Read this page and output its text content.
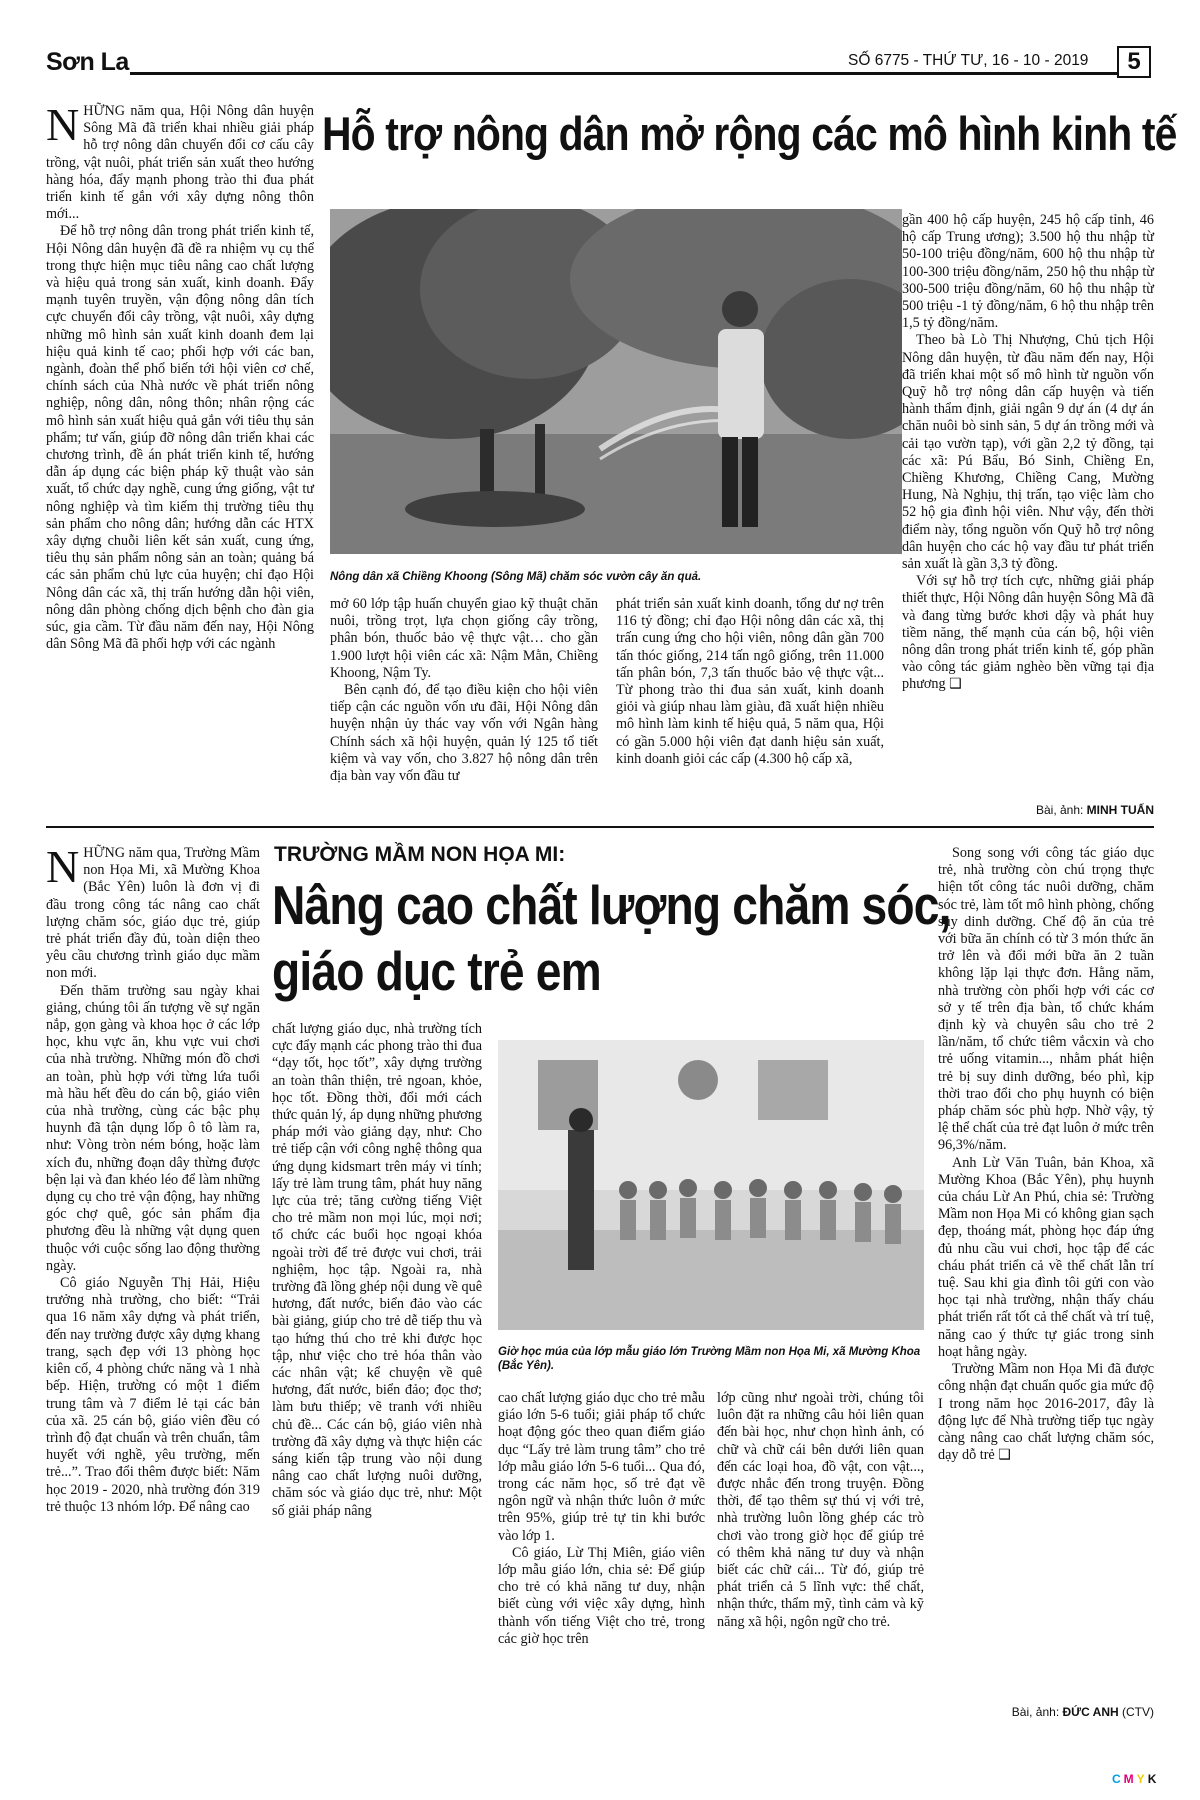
Sơn La	SỐ 6775 - THỨ TƯ, 16 - 10 - 2019	5
Hỗ trợ nông dân mở rộng các mô hình kinh tế

NHỮNG năm qua, Hội Nông dân huyện Sông Mã đã triển khai nhiều giải pháp hỗ trợ nông dân chuyển đổi cơ cấu cây trồng, vật nuôi, phát triển sản xuất theo hướng hàng hóa, đẩy mạnh phong trào thi đua phát triển kinh tế gắn với xây dựng nông thôn mới...

Để hỗ trợ nông dân trong phát triển kinh tế, Hội Nông dân huyện đã đề ra nhiệm vụ cụ thể trong thực hiện mục tiêu nâng cao chất lượng và hiệu quả trong sản xuất, kinh doanh. Đẩy mạnh tuyên truyền, vận động nông dân tích cực chuyển đổi cây trồng, vật nuôi, xây dựng những mô hình sản xuất kinh doanh đem lại hiệu quả kinh tế cao; phối hợp với các ban, ngành, đoàn thể phổ biến tới hội viên cơ chế, chính sách của Nhà nước về phát triển nông nghiệp, nông dân, nông thôn; nhân rộng các mô hình sản xuất hiệu quả gắn với tiêu thụ sản phẩm; tư vấn, giúp đỡ nông dân triển khai các chương trình, đề án phát triển kinh tế, hướng dẫn áp dụng các biện pháp kỹ thuật vào sản xuất, tổ chức dạy nghề, cung ứng giống, vật tư nông nghiệp và tìm kiếm thị trường tiêu thụ sản phẩm cho nông dân; hướng dẫn các HTX xây dựng chuỗi liên kết sản xuất, cung ứng, tiêu thụ sản phẩm nông sản an toàn; quảng bá các sản phẩm chủ lực của huyện; chỉ đạo Hội Nông dân các xã, thị trấn hướng dẫn hội viên, nông dân phòng chống dịch bệnh cho đàn gia súc, gia cầm. Từ đầu năm đến nay, Hội Nông dân Sông Mã đã phối hợp với các ngành

Nông dân xã Chiềng Khoong (Sông Mã) chăm sóc vườn cây ăn quả.

mở 60 lớp tập huấn chuyển giao kỹ thuật chăn nuôi, trồng trọt, lựa chọn giống cây trồng, phân bón, thuốc bảo vệ thực vật… cho gần 1.900 lượt hội viên các xã: Nậm Mằn, Chiềng Khoong, Nậm Ty.

Bên cạnh đó, để tạo điều kiện cho hội viên tiếp cận các nguồn vốn ưu đãi, Hội Nông dân huyện nhận ủy thác vay vốn với Ngân hàng Chính sách xã hội huyện, quản lý 125 tổ tiết kiệm và vay vốn, cho 3.827 hộ nông dân trên địa bàn vay vốn đầu tư

phát triển sản xuất kinh doanh, tổng dư nợ trên 116 tỷ đồng; chỉ đạo Hội nông dân các xã, thị trấn cung ứng cho hội viên, nông dân gần 700 tấn thóc giống, 214 tấn ngô giống, trên 11.000 tấn phân bón, 7,3 tấn thuốc bảo vệ thực vật... Từ phong trào thi đua sản xuất, kinh doanh giỏi và giúp nhau làm giàu, đã xuất hiện nhiều mô hình làm kinh tế hiệu quả, 5 năm qua, Hội có gần 5.000 hội viên đạt danh hiệu sản xuất, kinh doanh giỏi các cấp (4.300 hộ cấp xã,

gần 400 hộ cấp huyện, 245 hộ cấp tỉnh, 46 hộ cấp Trung ương); 3.500 hộ thu nhập từ 50-100 triệu đồng/năm, 600 hộ thu nhập từ 100-300 triệu đồng/năm, 250 hộ thu nhập từ 300-500 triệu đồng/năm, 60 hộ thu nhập từ 500 triệu -1 tỷ đồng/năm, 6 hộ thu nhập trên 1,5 tỷ đồng/năm.

Theo bà Lò Thị Nhượng, Chủ tịch Hội Nông dân huyện, từ đầu năm đến nay, Hội đã triển khai một số mô hình từ nguồn vốn Quỹ hỗ trợ nông dân cấp huyện và tiến hành thẩm định, giải ngân 9 dự án (4 dự án chăn nuôi bò sinh sản, 5 dự án trồng mới và cải tạo vườn tạp), với gần 2,2 tỷ đồng, tại các xã: Pú Bẩu, Bó Sinh, Chiềng En, Chiềng Khương, Chiềng Cang, Mường Hung, Nà Nghịu, thị trấn, tạo việc làm cho 52 hộ gia đình hội viên. Như vậy, đến thời điểm này, tổng nguồn vốn Quỹ hỗ trợ nông dân huyện cho các hộ vay đầu tư phát triển sản xuất là gần 3,3 tỷ đồng.

Với sự hỗ trợ tích cực, những giải pháp thiết thực, Hội Nông dân huyện Sông Mã đã và đang từng bước khơi dậy và phát huy tiềm năng, thế mạnh của cán bộ, hội viên nông dân trong phát triển kinh tế, góp phần vào công tác giảm nghèo bền vững tại địa phương ❑

Bài, ảnh: MINH TUẤN
TRƯỜNG MẦM NON HỌA MI:
Nâng cao chất lượng chăm sóc,
giáo dục trẻ em

NHỮNG năm qua, Trường Mầm non Họa Mi, xã Mường Khoa (Bắc Yên) luôn là đơn vị đi đầu trong công tác nâng cao chất lượng chăm sóc, giáo dục trẻ, giúp trẻ phát triển đầy đủ, toàn diện theo yêu cầu chương trình giáo dục mầm non mới.

Đến thăm trường sau ngày khai giảng, chúng tôi ấn tượng về sự ngăn nắp, gọn gàng và khoa học ở các lớp học, khu vực ăn, khu vực vui chơi của nhà trường. Những món đồ chơi an toàn, phù hợp với từng lứa tuổi mà hầu hết đều do cán bộ, giáo viên của nhà trường, cùng các bậc phụ huynh đã tận dụng lốp ô tô làm ra, như: Vòng tròn ném bóng, hoặc làm xích đu, những đoạn dây thừng được bện lại và đan khéo léo để làm những dụng cụ cho trẻ vận động, hay những góc chợ quê, góc sản phẩm địa phương đều là những vật dụng quen thuộc với cuộc sống lao động thường ngày.

Cô giáo Nguyễn Thị Hải, Hiệu trưởng nhà trường, cho biết: “Trải qua 16 năm xây dựng và phát triển, đến nay trường được xây dựng khang trang, sạch đẹp với 13 phòng học kiên cố, 4 phòng chức năng và 1 nhà bếp. Hiện, trường có một 1 điểm trung tâm và 7 điểm lẻ tại các bản của xã. 25 cán bộ, giáo viên đều có trình độ đạt chuẩn và trên chuẩn, tâm huyết với nghề, yêu trường, mến trẻ...”. Trao đổi thêm được biết: Năm học 2019 - 2020, nhà trường đón 319 trẻ thuộc 13 nhóm lớp. Để nâng cao

chất lượng giáo dục, nhà trường tích cực đẩy mạnh các phong trào thi đua “dạy tốt, học tốt”, xây dựng trường an toàn thân thiện, trẻ ngoan, khỏe, học tốt. Đồng thời, đổi mới cách thức quản lý, áp dụng những phương pháp mới vào giảng dạy, như: Cho trẻ tiếp cận với công nghệ thông qua ứng dụng kidsmart trên máy vi tính; lấy trẻ làm trung tâm, phát huy năng lực của trẻ; tăng cường tiếng Việt cho trẻ mầm non mọi lúc, mọi nơi; tổ chức các buổi học ngoại khóa ngoài trời để trẻ được vui chơi, trải nghiệm, học tập. Ngoài ra, nhà trường đã lồng ghép nội dung về quê hương, đất nước, biển đảo vào các bài giảng, giúp cho trẻ dễ tiếp thu và tạo hứng thú cho trẻ khi được học tập, như việc cho trẻ hóa thân vào các nhân vật; kể chuyện về quê hương, đất nước, biển đảo; đọc thơ; làm bưu thiếp; vẽ tranh với nhiều chủ đề... Các cán bộ, giáo viên nhà trường đã xây dựng và thực hiện các sáng kiến tập trung vào nội dung nâng cao chất lượng nuôi dưỡng, chăm sóc và giáo dục trẻ, như: Một số giải pháp nâng

Giờ học múa của lớp mẫu giáo lớn Trường Mầm non Họa Mi, xã Mường Khoa (Bắc Yên).

cao chất lượng giáo dục cho trẻ mẫu giáo lớn 5-6 tuổi; giải pháp tổ chức hoạt động góc theo quan điểm giáo dục “Lấy trẻ làm trung tâm” cho trẻ lớp mẫu giáo lớn 5-6 tuổi... Qua đó, trong các năm học, số trẻ đạt về ngôn ngữ và nhận thức luôn ở mức trên 95%, giúp trẻ tự tin khi bước vào lớp 1.

Cô giáo, Lừ Thị Miên, giáo viên lớp mẫu giáo lớn, chia sẻ: Để giúp cho trẻ có khả năng tư duy, nhận biết cùng với việc xây dựng, hình thành vốn tiếng Việt cho trẻ, trong các giờ học trên

lớp cũng như ngoài trời, chúng tôi luôn đặt ra những câu hỏi liên quan đến bài học, như chọn hình ảnh, có chữ và chữ cái bên dưới liên quan đến các loại hoa, đồ vật, con vật..., được nhắc đến trong truyện. Đồng thời, để tạo thêm sự thú vị với trẻ, nhà trường luôn lồng ghép các trò chơi vào trong giờ học để giúp trẻ có thêm khả năng tư duy và nhận biết các chữ cái... Từ đó, giúp trẻ phát triển cả 5 lĩnh vực: thể chất, nhận thức, thẩm mỹ, tình cảm và kỹ năng xã hội, ngôn ngữ cho trẻ.

Song song với công tác giáo dục trẻ, nhà trường còn chú trọng thực hiện tốt công tác nuôi dưỡng, chăm sóc trẻ, làm tốt mô hình phòng, chống suy dinh dưỡng. Chế độ ăn của trẻ với bữa ăn chính có từ 3 món thức ăn trở lên và đổi mới bữa ăn 2 tuần không lặp lại thực đơn. Hằng năm, nhà trường còn phối hợp với các cơ sở y tế trên địa bàn, tổ chức khám định kỳ và chuyên sâu cho trẻ 2 lần/năm, tổ chức tiêm vắcxin và cho trẻ uống vitamin..., nhằm phát hiện trẻ bị suy dinh dưỡng, béo phì, kịp thời trao đổi cho phụ huynh có biện pháp chăm sóc phù hợp. Nhờ vậy, tỷ lệ thể chất của trẻ đạt luôn ở mức trên 96,3%/năm.

Anh Lừ Văn Tuân, bản Khoa, xã Mường Khoa (Bắc Yên), phụ huynh của cháu Lừ An Phú, chia sẻ: Trường Mầm non Họa Mi có không gian sạch đẹp, thoáng mát, phòng học đáp ứng đủ nhu cầu vui chơi, học tập để các cháu phát triển cả về thể chất lẫn trí tuệ. Sau khi gia đình tôi gửi con vào học tại nhà trường, nhận thấy cháu phát triển rất tốt cả thể chất và trí tuệ, năng cao ý thức tự giác trong sinh hoạt hằng ngày.

Trường Mầm non Họa Mi đã được công nhận đạt chuẩn quốc gia mức độ I trong năm học 2016-2017, đây là động lực để Nhà trường tiếp tục ngày càng nâng cao chất lượng chăm sóc, dạy dỗ trẻ ❑

Bài, ảnh: ĐỨC ANH (CTV)
CMYK
